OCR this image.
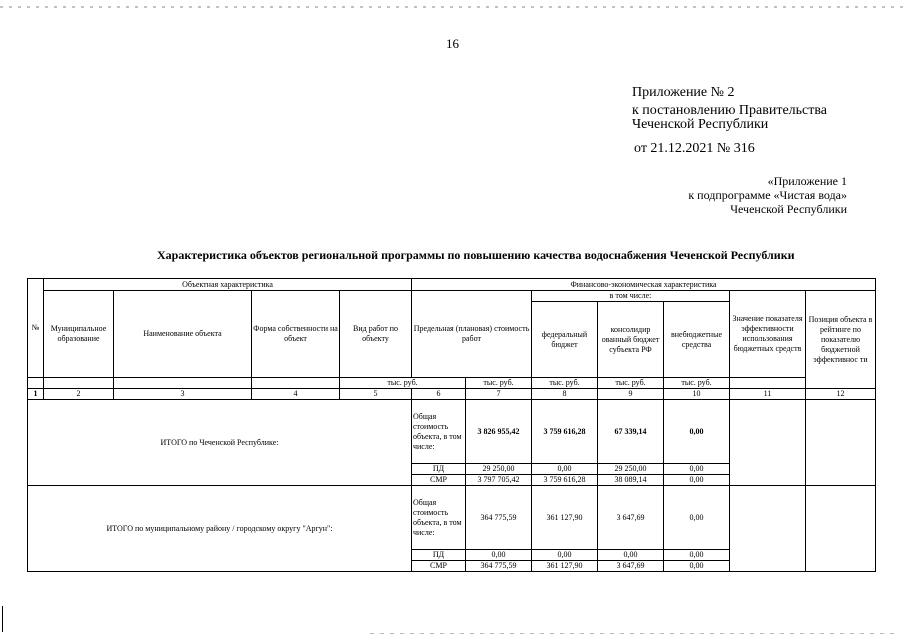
16
Приложение № 2
к постановлению Правительства
Чеченской Республики
от 21.12.2021 № 316
«Приложение 1
к подпрограмме «Чистая вода»
Чеченской Республики
Характеристика объектов региональной программы по повышению качества водоснабжения Чеченской Республики
№	Объектная характеристика				Финансово-экономическая характеристика						
	Муниципальное образование	Наименование объекта	Форма собственности на объект	Вид работ по объекту	Предельная (плановая) стоимость работ		в том числе:			Значение показателя эффективности использования бюджетных средств	Позиция объекта в рейтинге по показателю бюджетной эффективнос ти
							федеральный бюджет	консолидир ованный бюджет субъекта РФ	внебюджетные средства		
				тыс. руб.		тыс. руб.	тыс. руб.	тыс. руб.	тыс. руб.		
1	2	3	4	5	6	7	8	9	10	11	12
ИТОГО по Чеченской Республике:					Общая стоимость объекта, в том числе:	3 826 955,42	3 759 616,28	67 339,14	0,00		
					ПД	29 250,00	0,00	29 250,00	0,00		
					СМР	3 797 705,42	3 759 616,28	38 089,14	0,00		
ИТОГО по муниципальному району / городскому округу "Аргун":					Общая стоимость объекта, в том числе:	364 775,59	361 127,90	3 647,69	0,00		
					ПД	0,00	0,00	0,00	0,00		
					СМР	364 775,59	361 127,90	3 647,69	0,00		
